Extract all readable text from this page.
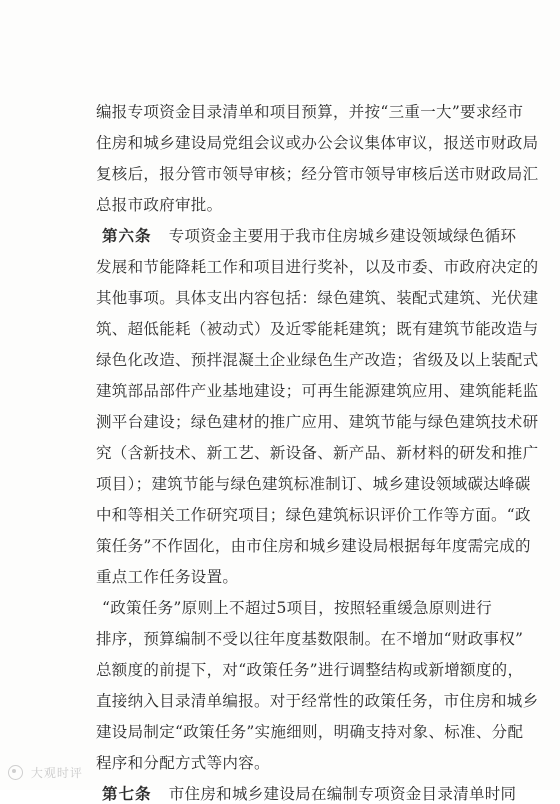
编报专项资金目录清单和项目预算，并按“三重一大”要求经市
住房和城乡建设局党组会议或办公会议集体审议，报送市财政局
复核后，报分管市领导审核；经分管市领导审核后送市财政局汇
总报市政府审批。
第六条 专项资金主要用于我市住房城乡建设领域绿色循环
发展和节能降耗工作和项目进行奖补，以及市委、市政府决定的
其他事项。具体支出内容包括：绿色建筑、装配式建筑、光伏建
筑、超低能耗（被动式）及近零能耗建筑；既有建筑节能改造与
绿色化改造、预拌混凝土企业绿色生产改造；省级及以上装配式
建筑部品部件产业基地建设；可再生能源建筑应用、建筑能耗监
测平台建设；绿色建材的推广应用、建筑节能与绿色建筑技术研
究（含新技术、新工艺、新设备、新产品、新材料的研发和推广
项目）；建筑节能与绿色建筑标准制订、城乡建设领域碳达峰碳
中和等相关工作研究项目；绿色建筑标识评价工作等方面。“政
策任务”不作固化，由市住房和城乡建设局根据每年度需完成的
重点工作任务设置。
“政策任务”原则上不超过5项目，按照轻重缓急原则进行
排序，预算编制不受以往年度基数限制。在不增加“财政事权”
总额度的前提下，对“政策任务”进行调整结构或新增额度的，
直接纳入目录清单编报。对于经常性的政策任务，市住房和城乡
建设局制定“政策任务”实施细则，明确支持对象、标准、分配
程序和分配方式等内容。
第七条 市住房和城乡建设局在编制专项资金目录清单时同
大观时评
